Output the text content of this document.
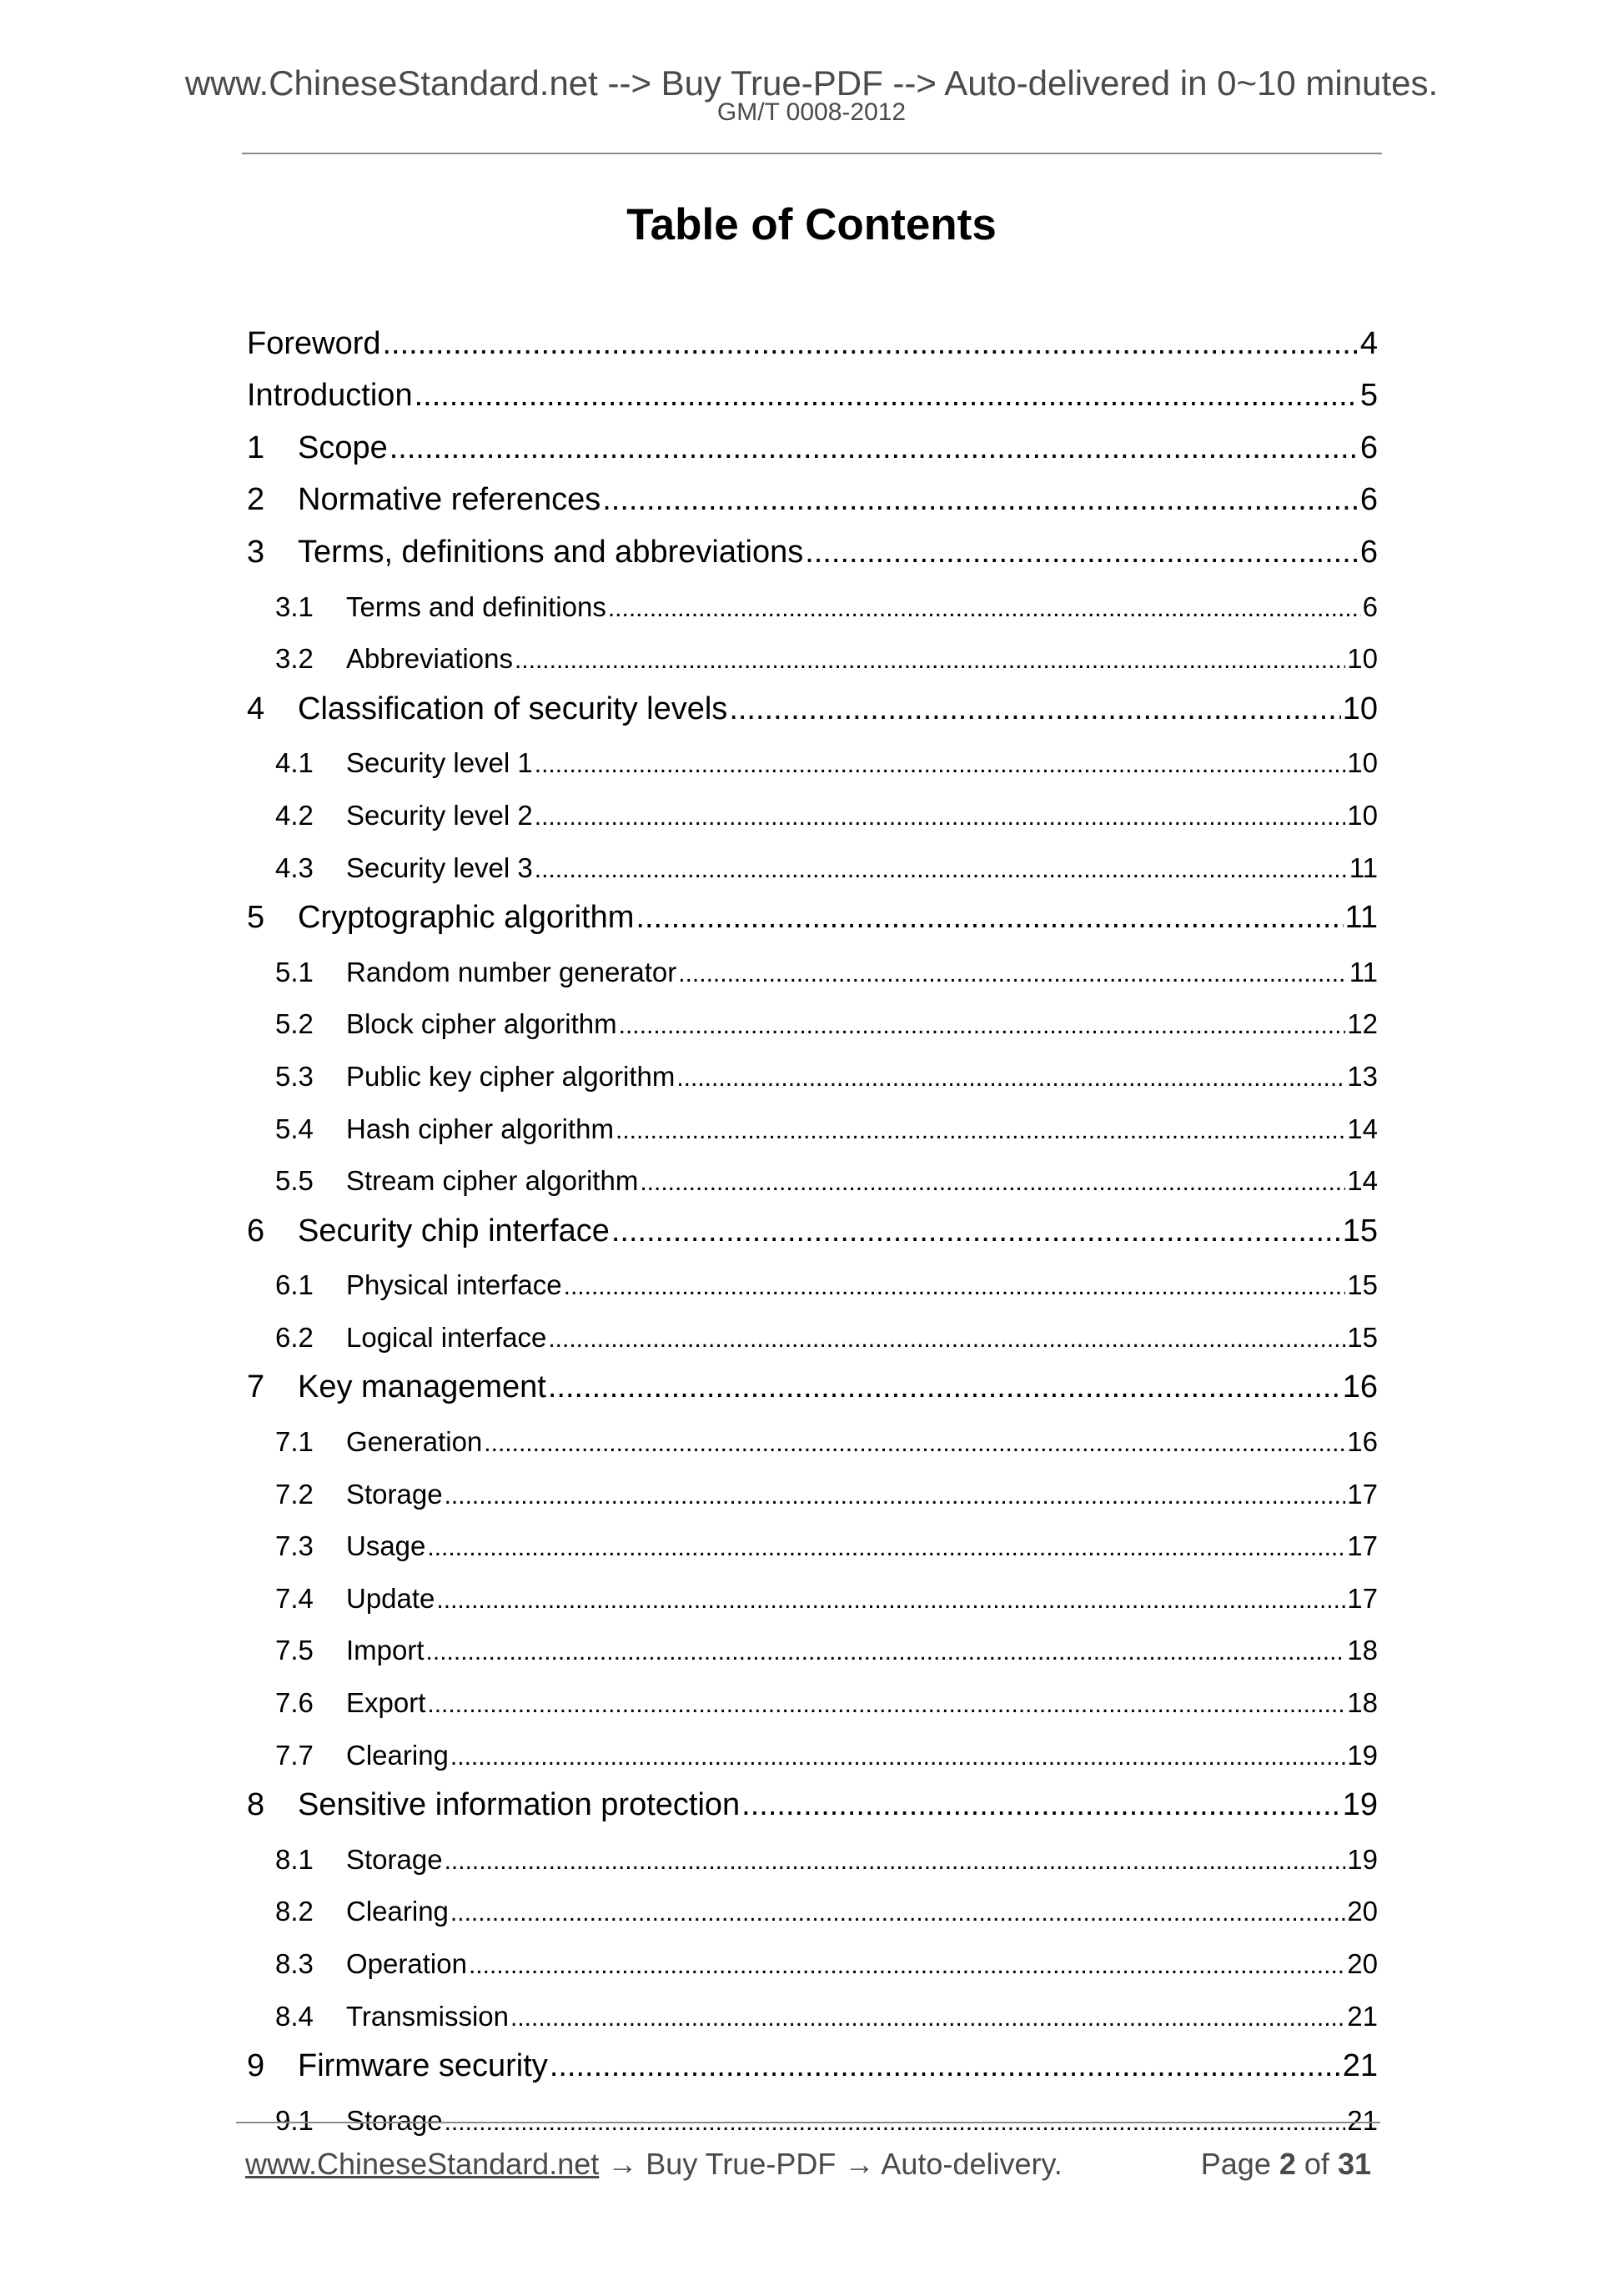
www.ChineseStandard.net --> Buy True-PDF --> Auto-delivered in 0~10 minutes.
GM/T 0008-2012
Table of Contents
Foreword .....	4
Introduction .....	5
1	Scope .....	6
2	Normative references .....	6
3	Terms, definitions and abbreviations .....	6
3.1	Terms and definitions .....	6
3.2	Abbreviations .....	10
4	Classification of security levels .....	10
4.1	Security level 1 .....	10
4.2	Security level 2 .....	10
4.3	Security level 3 .....	11
5	Cryptographic algorithm .....	11
5.1	Random number generator .....	11
5.2	Block cipher algorithm .....	12
5.3	Public key cipher algorithm .....	13
5.4	Hash cipher algorithm .....	14
5.5	Stream cipher algorithm .....	14
6	Security chip interface .....	15
6.1	Physical interface .....	15
6.2	Logical interface .....	15
7	Key management .....	16
7.1	Generation .....	16
7.2	Storage .....	17
7.3	Usage .....	17
7.4	Update .....	17
7.5	Import .....	18
7.6	Export .....	18
7.7	Clearing .....	19
8	Sensitive information protection .....	19
8.1	Storage .....	19
8.2	Clearing .....	20
8.3	Operation .....	20
8.4	Transmission .....	21
9	Firmware security .....	21
9.1	Storage .....	21
www.ChineseStandard.net → Buy True-PDF → Auto-delivery.	Page 2 of 31
